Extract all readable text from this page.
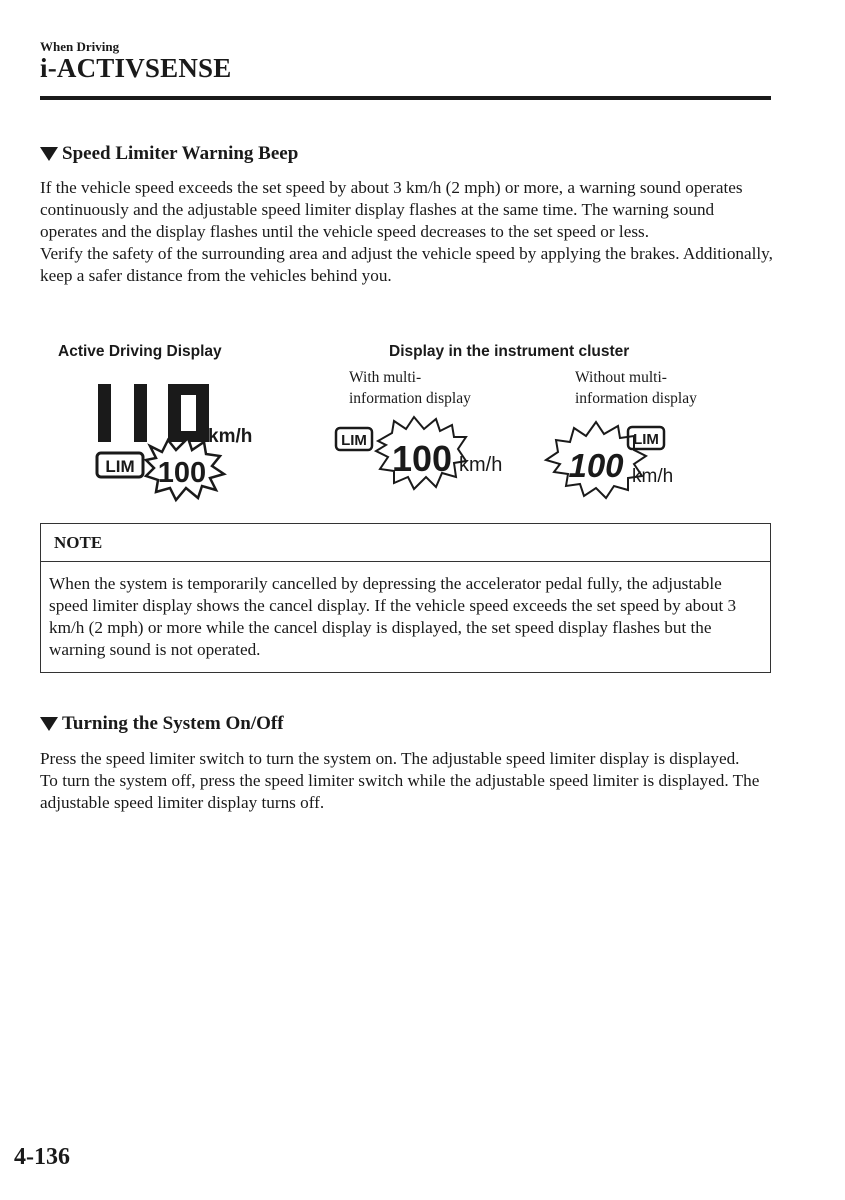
When Driving
i-ACTIVSENSE
Speed Limiter Warning Beep

If the vehicle speed exceeds the set speed by about 3 km/h (2 mph) or more, a warning sound operates continuously and the adjustable speed limiter display flashes at the same time. The warning sound operates and the display flashes until the vehicle speed decreases to the set speed or less.

Verify the safety of the surrounding area and adjust the vehicle speed by applying the brakes. Additionally, keep a safer distance from the vehicles behind you.

Active Driving Display	Display in the instrument cluster
With multi-
information display
Without multi-
information display
km/h
LIM 100
LIM 100 km/h 100
LIM
km/h
NOTE
When the system is temporarily cancelled by depressing the accelerator pedal fully, the adjustable speed limiter display shows the cancel display. If the vehicle speed exceeds the set speed by about 3 km/h (2 mph) or more while the cancel display is displayed, the set speed display flashes but the warning sound is not operated.
Turning the System On/Off

Press the speed limiter switch to turn the system on. The adjustable speed limiter display is displayed.

To turn the system off, press the speed limiter switch while the adjustable speed limiter is displayed. The adjustable speed limiter display turns off.

4-136
